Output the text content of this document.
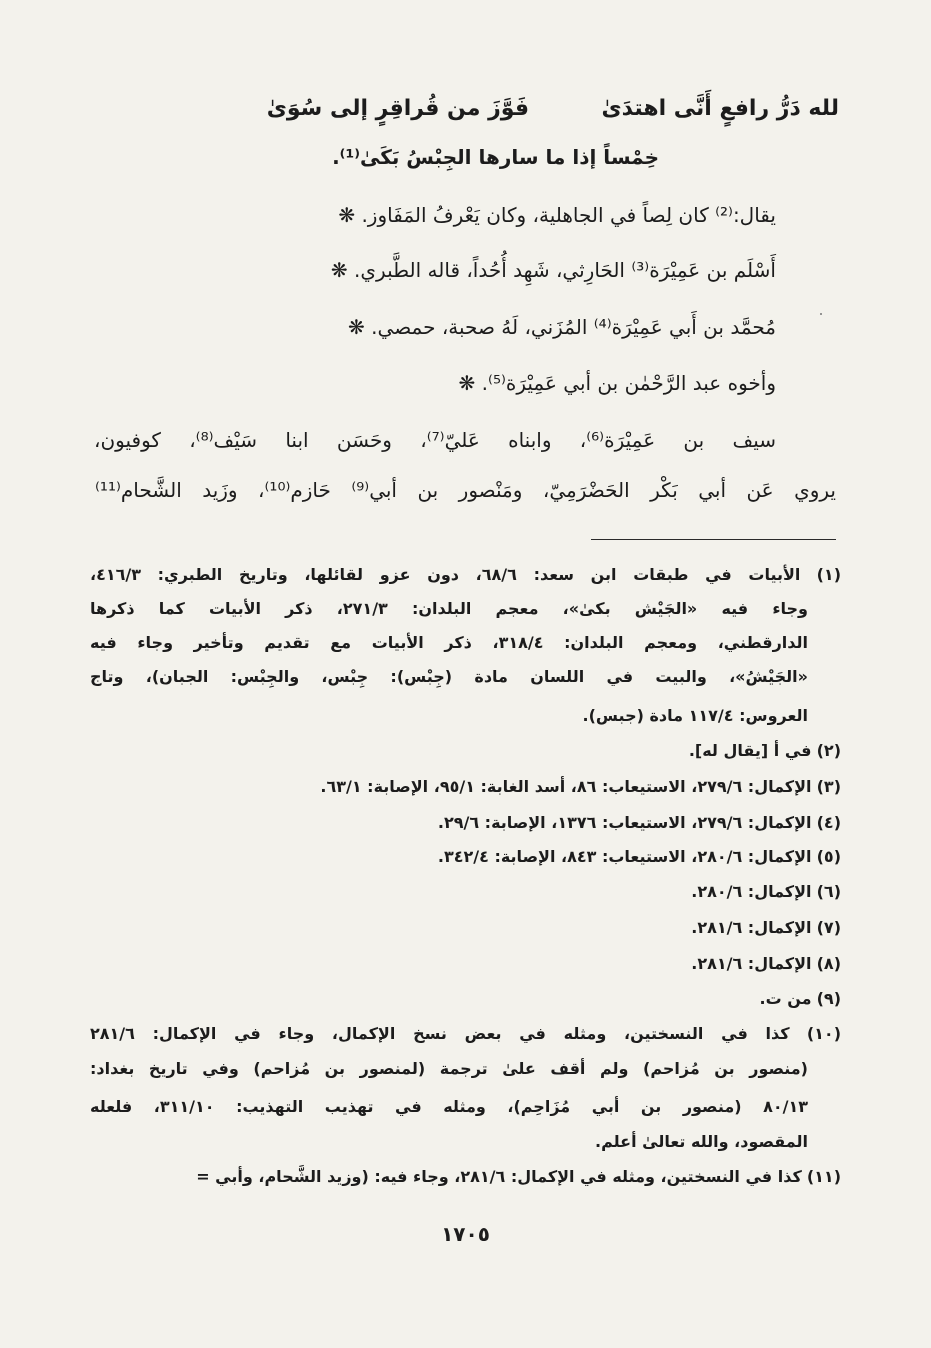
لله دَرُّ رافعٍ أَنَّى اهتدَىٰ
فَوَّزَ من قُراقِرٍ إلى سُوَىٰ
خِمْساً إذا ما سارها الجِبْسُ بَكَىٰ⁽¹⁾.
يقال:⁽²⁾ كان لِصاً في الجاهلية، وكان يَعْرفُ المَفَاوز. ❋
أَسْلَم بن عَمِيْرَة⁽³⁾ الحَارِثي، شَهِد أُحُداً، قاله الطَّبري. ❋
مُحمَّد بن أَبي عَمِيْرَة⁽⁴⁾ المُزَني، لَهُ صحبة، حمصي. ❋
وأخوه عبد الرَّحْمٰن بن أبي عَمِيْرَة⁽⁵⁾. ❋
سيف بن عَمِيْرَة⁽⁶⁾، وابناه عَليّ⁽⁷⁾، وحَسَن ابنا سَيْف⁽⁸⁾، كوفيون،
يروي عَن أبي بَكْر الحَضْرَمِيّ، ومَنْصور بن أبي⁽⁹⁾ حَازم⁽¹⁰⁾، وزَيد الشَّحام⁽¹¹⁾
(١) الأبيات في طبقات ابن سعد: ٦٨/٦، دون عزو لقائلها، وتاريخ الطبري: ٤١٦/٣،
وجاء فيه «الجَيْش بكىٰ»، معجم البلدان: ٢٧١/٣، ذكر الأبيات كما ذكرها
الدارقطني، ومعجم البلدان: ٣١٨/٤، ذكر الأبيات مع تقديم وتأخير وجاء فيه
«الجَيْشُ»، والبيت في اللسان مادة (جِبْس): جِبْس، والجِبْس: الجبان)، وتاج
العروس: ١١٧/٤ مادة (جبس).
(٢) في أ [يقال له].
(٣) الإكمال: ٢٧٩/٦، الاستيعاب: ٨٦، أسد الغابة: ٩٥/١، الإصابة: ٦٣/١.
(٤) الإكمال: ٢٧٩/٦، الاستيعاب: ١٣٧٦، الإصابة: ٢٩/٦.
(٥) الإكمال: ٢٨٠/٦، الاستيعاب: ٨٤٣، الإصابة: ٣٤٢/٤.
(٦) الإكمال: ٢٨٠/٦.
(٧) الإكمال: ٢٨١/٦.
(٨) الإكمال: ٢٨١/٦.
(٩) من ت.
(١٠) كذا في النسختين، ومثله في بعض نسخ الإكمال، وجاء في الإكمال: ٢٨١/٦
(منصور بن مُزاحم) ولم أقف علىٰ ترجمة (لمنصور بن مُزاحم) وفي تاريخ بغداد:
٨٠/١٣ (منصور بن أبي مُزَاحِم)، ومثله في تهذيب التهذيب: ٣١١/١٠، فلعله
المقصود، والله تعالىٰ أعلم.
(١١) كذا في النسختين، ومثله في الإكمال: ٢٨١/٦، وجاء فيه: (وزيد الشَّحام، وأبي =
١٧٠٥
